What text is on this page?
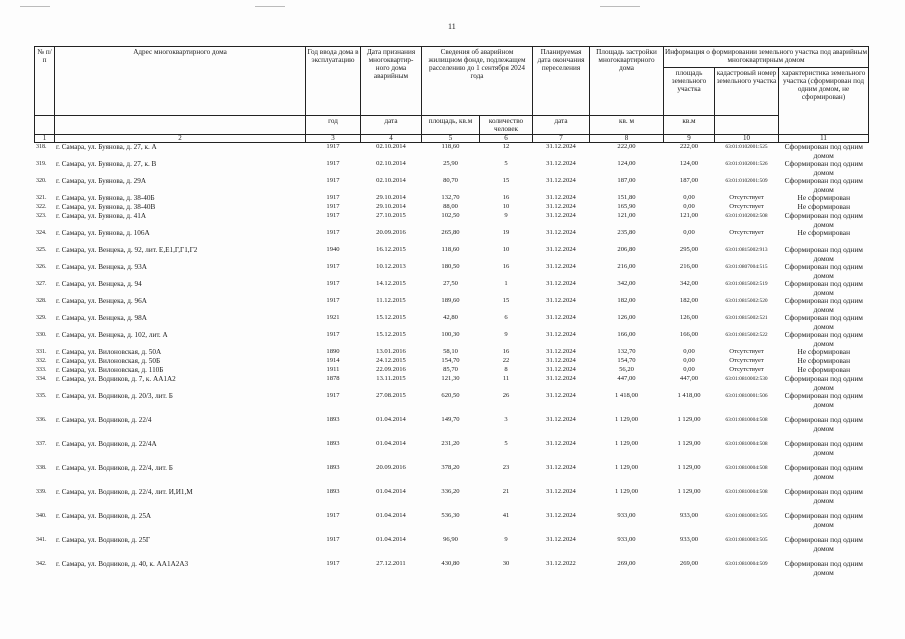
11
№ п/п	Адрес многоквартирного дома	Год ввода дома в эксплуатацию	Дата признания многоквартир-ного дома аварийным	Сведения об аварийном жилищном фонде, подлежащем расселению до 1 сентября 2024 года		Планируемая дата окончания переселения	Площадь застройки многоквартирного дома	Информация о формировании земельного участка под аварийным многоквартирным домом		
								площадь земельного участка	кадастровый номер земельного участка	характеристика земельного участка (сформирован под одним домом, не сформирован)
		год	дата	площадь, кв.м	количество человек	дата	кв. м	кв.м		
1	2	3	4	5	6	7	8	9	10	11
318.	г. Самара, ул. Буянова, д. 27, к. А	1917	02.10.2014	118,60	12	31.12.2024	222,00	222,00	63:01:0102001:525	Сформирован под одним домом
319.	г. Самара, ул. Буянова, д. 27, к. В	1917	02.10.2014	25,90	5	31.12.2024	124,00	124,00	63:01:0102001:526	Сформирован под одним домом
320.	г. Самара, ул. Буянова, д. 29А	1917	02.10.2014	80,70	15	31.12.2024	187,00	187,00	63:01:0102001:509	Сформирован под одним домом
321.	г. Самара, ул. Буянова, д. 38-40Б	1917	29.10.2014	132,70	16	31.12.2024	151,80	0,00	Отсутствует	Не сформирован
322.	г. Самара, ул. Буянова, д. 38-40В	1917	29.10.2014	88,00	10	31.12.2024	165,90	0,00	Отсутствует	Не сформирован
323.	г. Самара, ул. Буянова, д. 41А	1917	27.10.2015	102,50	9	31.12.2024	121,00	121,00	63:01:0102002:508	Сформирован под одним домом
324.	г. Самара, ул. Буянова, д. 106А	1917	20.09.2016	265,80	19	31.12.2024	235,80	0,00	Отсутствует	Не сформирован
325.	г. Самара, ул. Венцека, д. 92, лит. Е,Е1,Г,Г1,Г2	1940	16.12.2015	118,60	10	31.12.2024	206,80	295,00	63:01:0815002:913	Сформирован под одним домом
326.	г. Самара, ул. Венцека, д. 93А	1917	10.12.2013	180,50	16	31.12.2024	216,00	216,00	63:01:0807004:515	Сформирован под одним домом
327.	г. Самара, ул. Венцека, д. 94	1917	14.12.2015	27,50	1	31.12.2024	342,00	342,00	63:01:0815002:519	Сформирован под одним домом
328.	г. Самара, ул. Венцека, д. 96А	1917	11.12.2015	189,60	15	31.12.2024	182,00	182,00	63:01:0815002:520	Сформирован под одним домом
329.	г. Самара, ул. Венцека, д. 98А	1921	15.12.2015	42,80	6	31.12.2024	126,00	126,00	63:01:0815002:521	Сформирован под одним домом
330.	г. Самара, ул. Венцека, д. 102, лит. А	1917	15.12.2015	100,30	9	31.12.2024	166,00	166,00	63:01:0815002:522	Сформирован под одним домом
331.	г. Самара, ул. Вилоновская, д. 50А	1890	13.01.2016	58,10	16	31.12.2024	132,70	0,00	Отсутствует	Не сформирован
332.	г. Самара, ул. Вилоновская, д. 50Б	1914	24.12.2015	154,70	22	31.12.2024	154,70	0,00	Отсутствует	Не сформирован
333.	г. Самара, ул. Вилоновская, д. 110Б	1911	22.09.2016	85,70	8	31.12.2024	56,20	0,00	Отсутствует	Не сформирован
334.	г. Самара, ул. Водников, д. 7, к. АА1А2	1878	13.11.2015	121,30	11	31.12.2024	447,00	447,00	63:01:0810002:530	Сформирован под одним домом
335.	г. Самара, ул. Водников, д. 20/3, лит. Б	1917	27.08.2015	620,50	26	31.12.2024	1 418,00	1 418,00	63:01:0810001:506	Сформирован под одним домом
336.	г. Самара, ул. Водников, д. 22/4	1893	01.04.2014	149,70	3	31.12.2024	1 129,00	1 129,00	63:01:0810004:508	Сформирован под одним домом
337.	г. Самара, ул. Водников, д. 22/4А	1893	01.04.2014	231,20	5	31.12.2024	1 129,00	1 129,00	63:01:0810004:508	Сформирован под одним домом
338.	г. Самара, ул. Водников, д. 22/4, лит. Б	1893	20.09.2016	378,20	23	31.12.2024	1 129,00	1 129,00	63:01:0810004:508	Сформирован под одним домом
339.	г. Самара, ул. Водников, д. 22/4, лит. И,И1,М	1893	01.04.2014	336,20	21	31.12.2024	1 129,00	1 129,00	63:01:0810004:508	Сформирован под одним домом
340.	г. Самара, ул. Водников, д. 25А	1917	01.04.2014	536,30	41	31.12.2024	933,00	933,00	63:01:0810003:505	Сформирован под одним домом
341.	г. Самара, ул. Водников, д. 25Г	1917	01.04.2014	96,90	9	31.12.2024	933,00	933,00	63:01:0810003:505	Сформирован под одним домом
342.	г. Самара, ул. Водников, д. 40, к. АА1А2А3	1917	27.12.2011	430,80	30	31.12.2022	269,00	269,00	63:01:0810004:509	Сформирован под одним домом
